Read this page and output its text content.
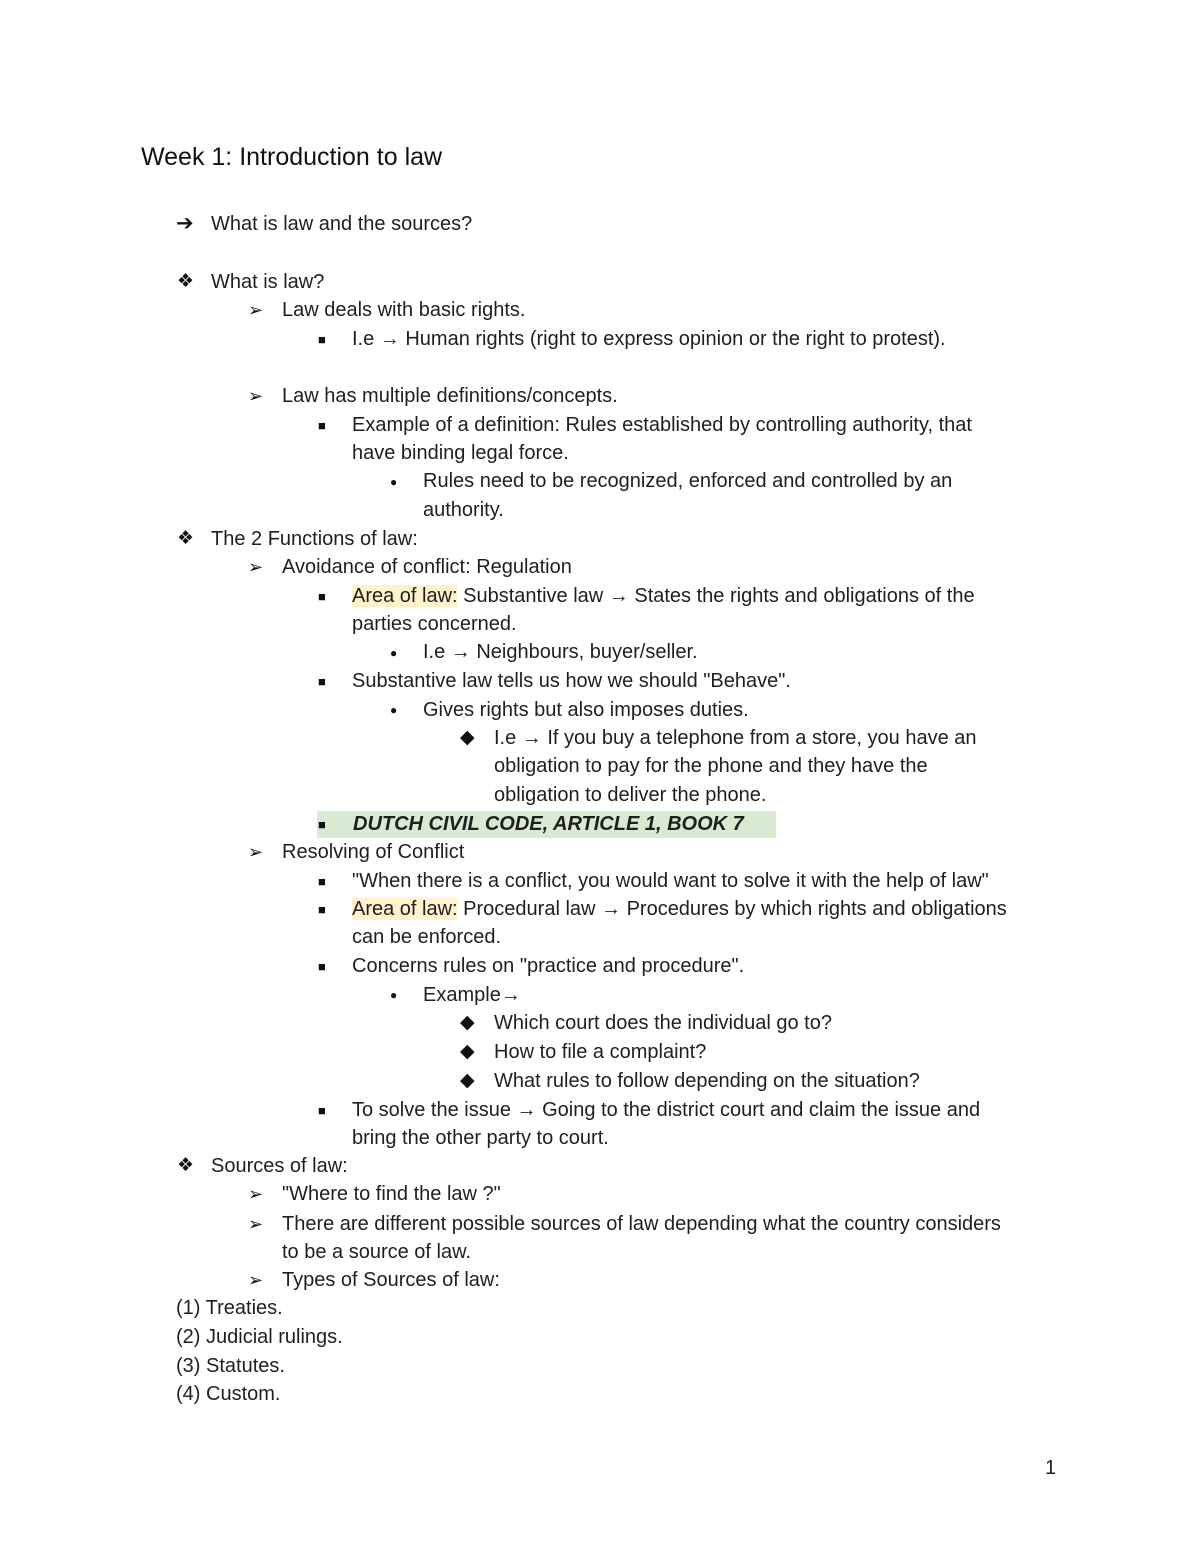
Week 1: Introduction to law
➔ What is law and the sources?
❖ What is law?
➢ Law deals with basic rights.
■ I.e → Human rights (right to express opinion or the right to protest).
➢ Law has multiple definitions/concepts.
■ Example of a definition: Rules established by controlling authority, that
have binding legal force.
● Rules need to be recognized, enforced and controlled by an
authority.
❖ The 2 Functions of law:
➢ Avoidance of conflict: Regulation
■ Area of law: Substantive law → States the rights and obligations of the
parties concerned.
● I.e → Neighbours, buyer/seller.
■ Substantive law tells us how we should "Behave".
● Gives rights but also imposes duties.
◆ I.e → If you buy a telephone from a store, you have an
obligation to pay for the phone and they have the
obligation to deliver the phone.
■ DUTCH CIVIL CODE, ARTICLE 1, BOOK 7
➢ Resolving of Conflict
■ "When there is a conflict, you would want to solve it with the help of law"
■ Area of law: Procedural law → Procedures by which rights and obligations
can be enforced.
■ Concerns rules on "practice and procedure".
● Example→
◆ Which court does the individual go to?
◆ How to file a complaint?
◆ What rules to follow depending on the situation?
■ To solve the issue → Going to the district court and claim the issue and
bring the other party to court.
❖ Sources of law:
➢ "Where to find the law ?"
➢ There are different possible sources of law depending what the country considers
to be a source of law.
➢ Types of Sources of law:
(1) Treaties.
(2) Judicial rulings.
(3) Statutes.
(4) Custom.
1
